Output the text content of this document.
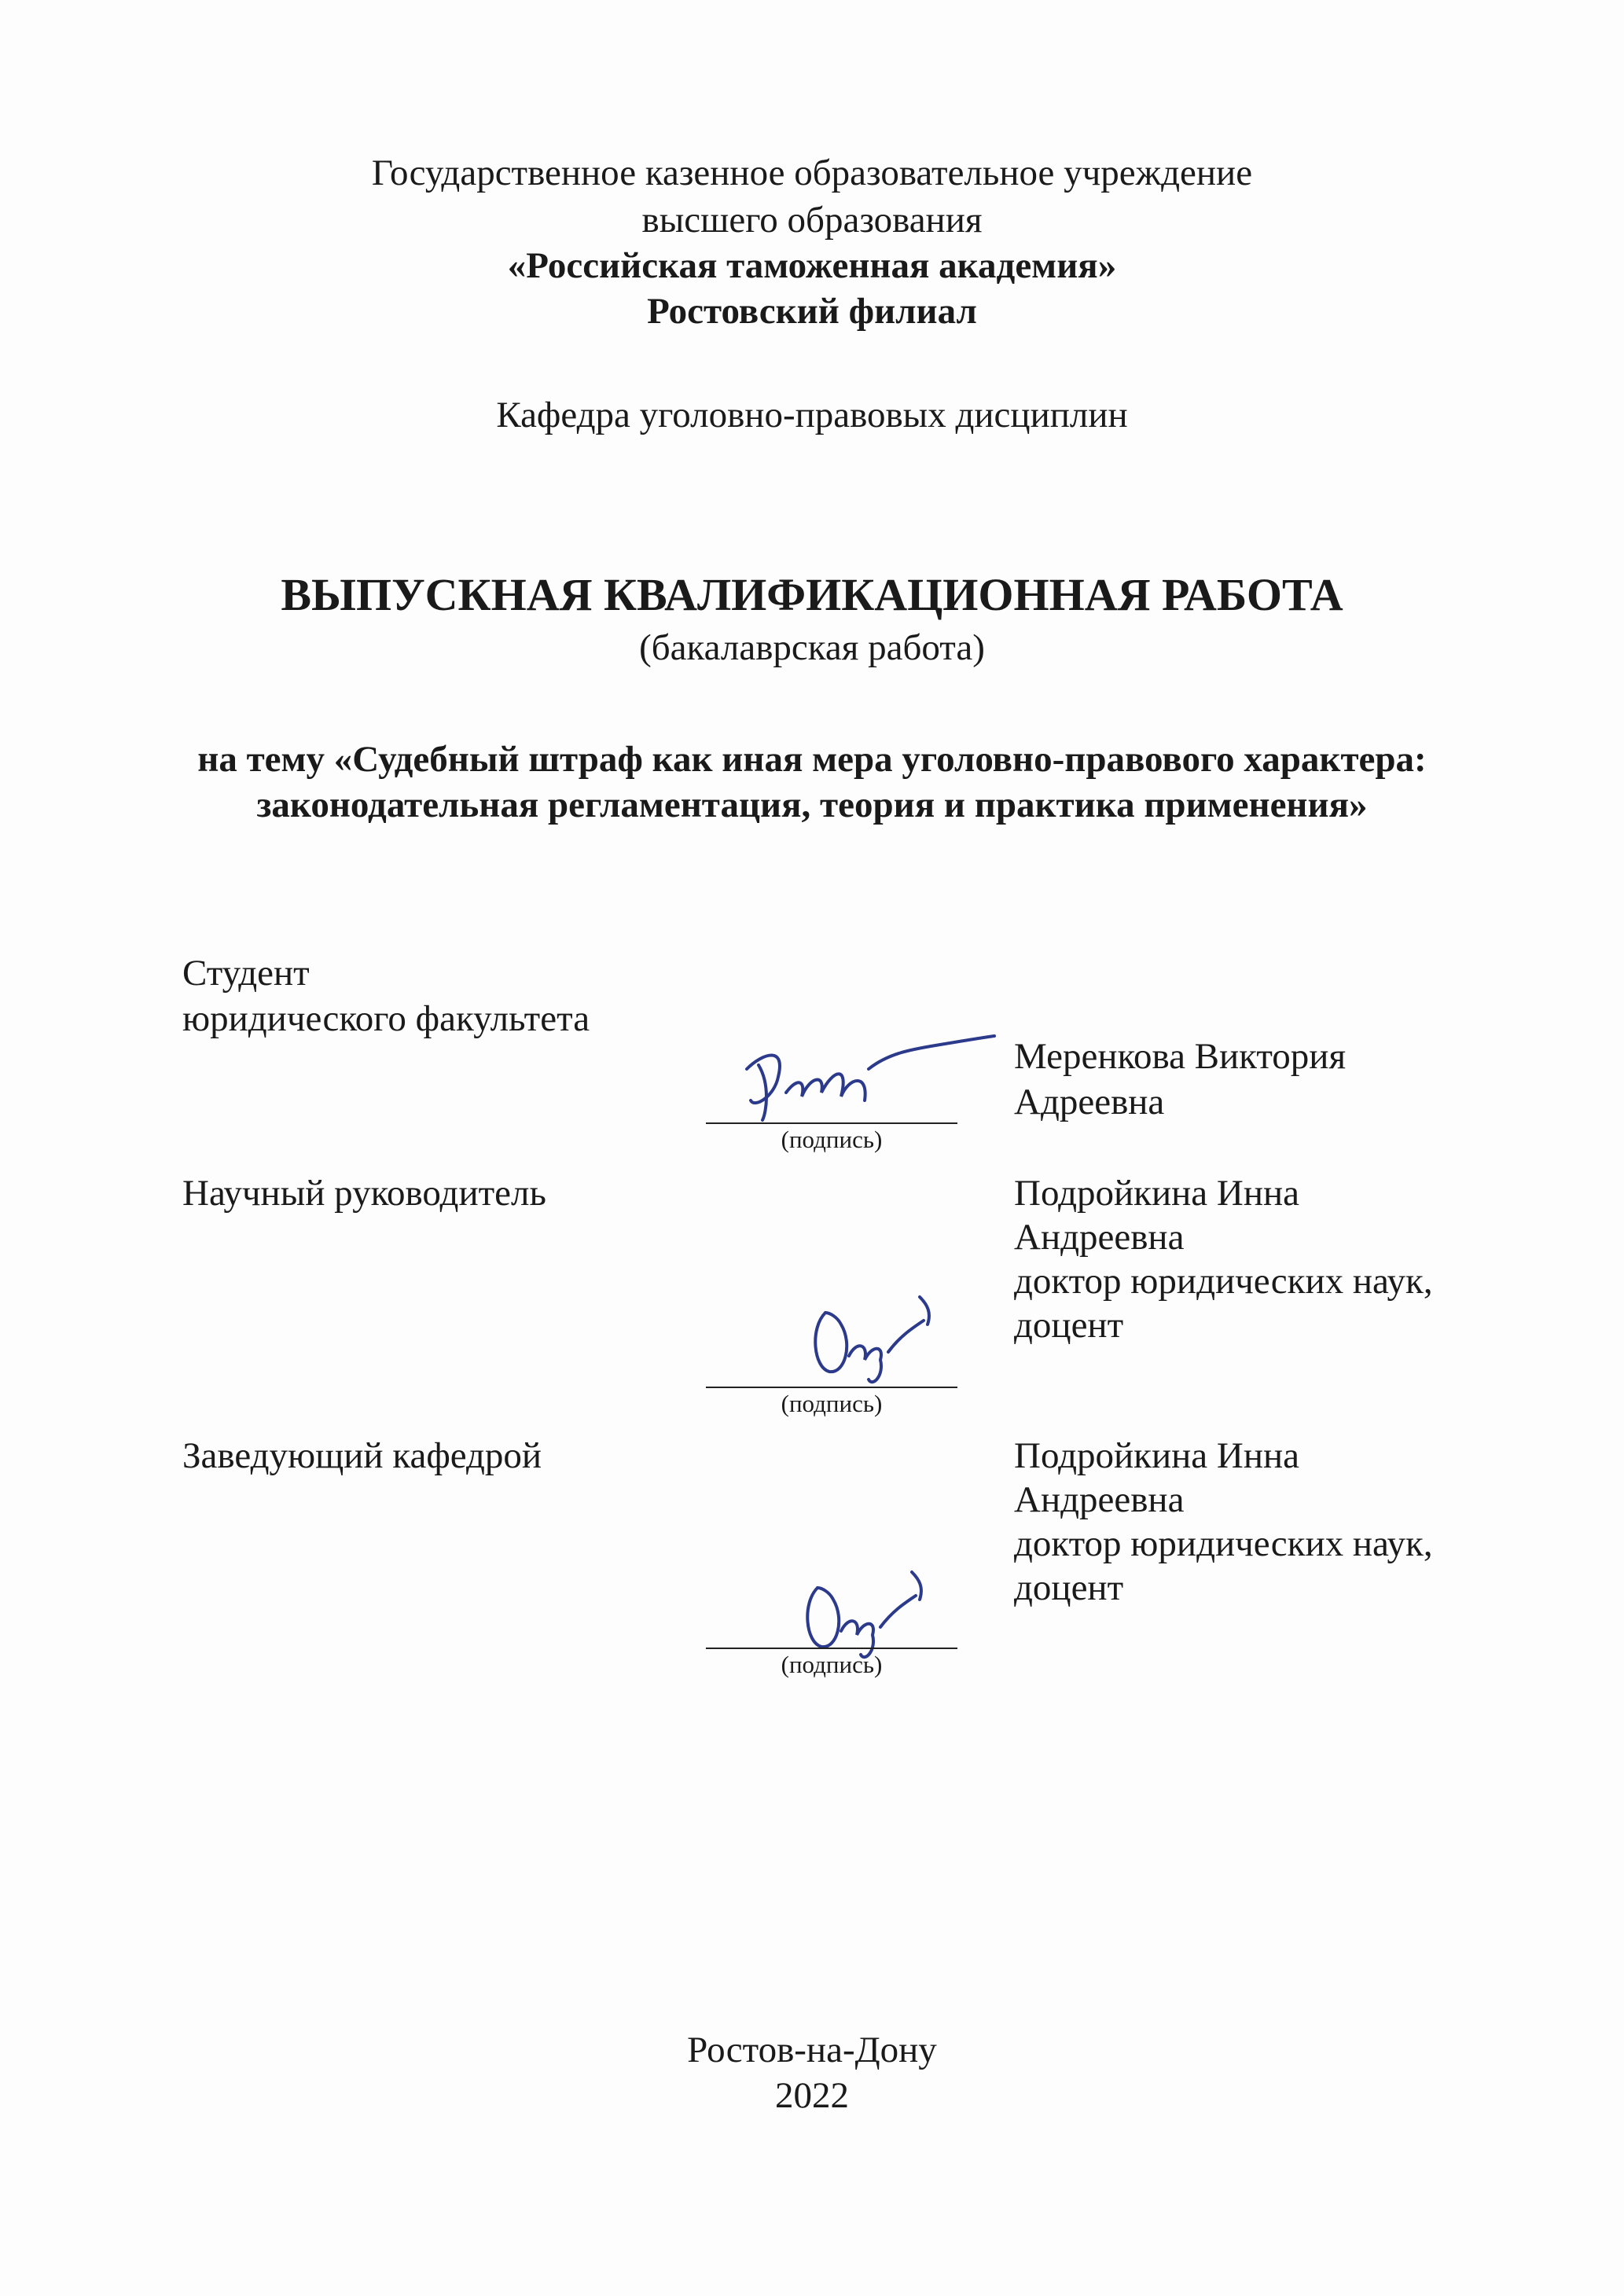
Государственное казенное образовательное учреждение
высшего образования
«Российская таможенная академия»
Ростовский филиал
Кафедра уголовно-правовых дисциплин
ВЫПУСКНАЯ КВАЛИФИКАЦИОННАЯ РАБОТА
(бакалаврская работа)
на тему «Судебный штраф как иная мера уголовно-правового характера:
законодательная регламентация, теория и практика применения»
Студент
юридического факультета
(подпись)
Меренкова Виктория
Адреевна
Научный руководитель
(подпись)
Подройкина Инна
Андреевна
доктор юридических наук,
доцент
Заведующий кафедрой
(подпись)
Подройкина Инна
Андреевна
доктор юридических наук,
доцент
Ростов-на-Дону
2022
